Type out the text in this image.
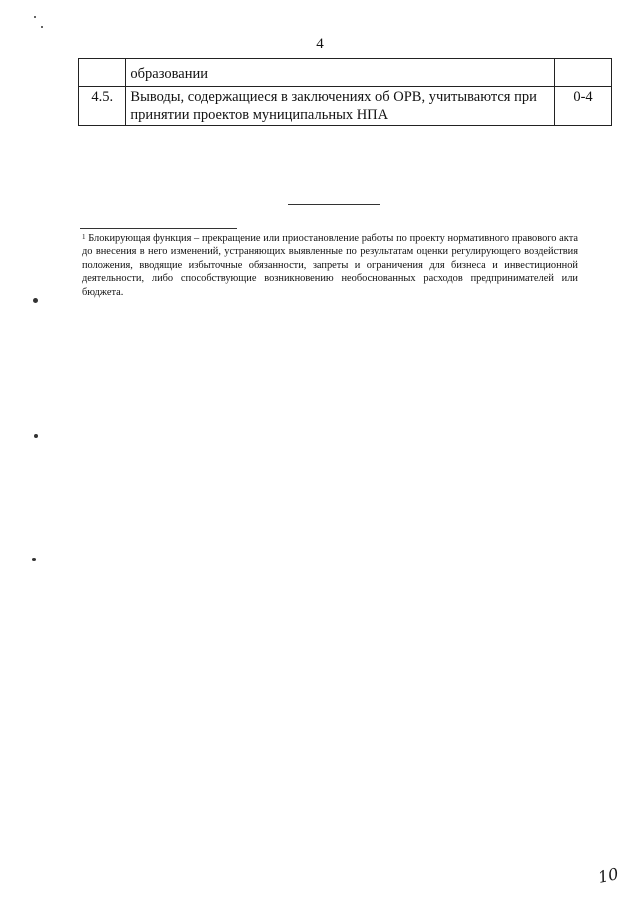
4

	образовании	

4.5.	Выводы, содержащиеся в заключениях об ОРВ, учитываются при принятии проектов муниципальных НПА	0-4
$^1$ Блокирующая функция – прекращение или приостановление работы по проекту нормативного правового акта до внесения в него изменений, устраняющих выявленные по результатам оценки регулирующего воздействия положения, вводящие избыточные обязанности, запреты и ограничения для бизнеса и инвестиционной деятельности, либо способствующие возникновению необоснованных расходов предпринимателей или бюджета.
10
